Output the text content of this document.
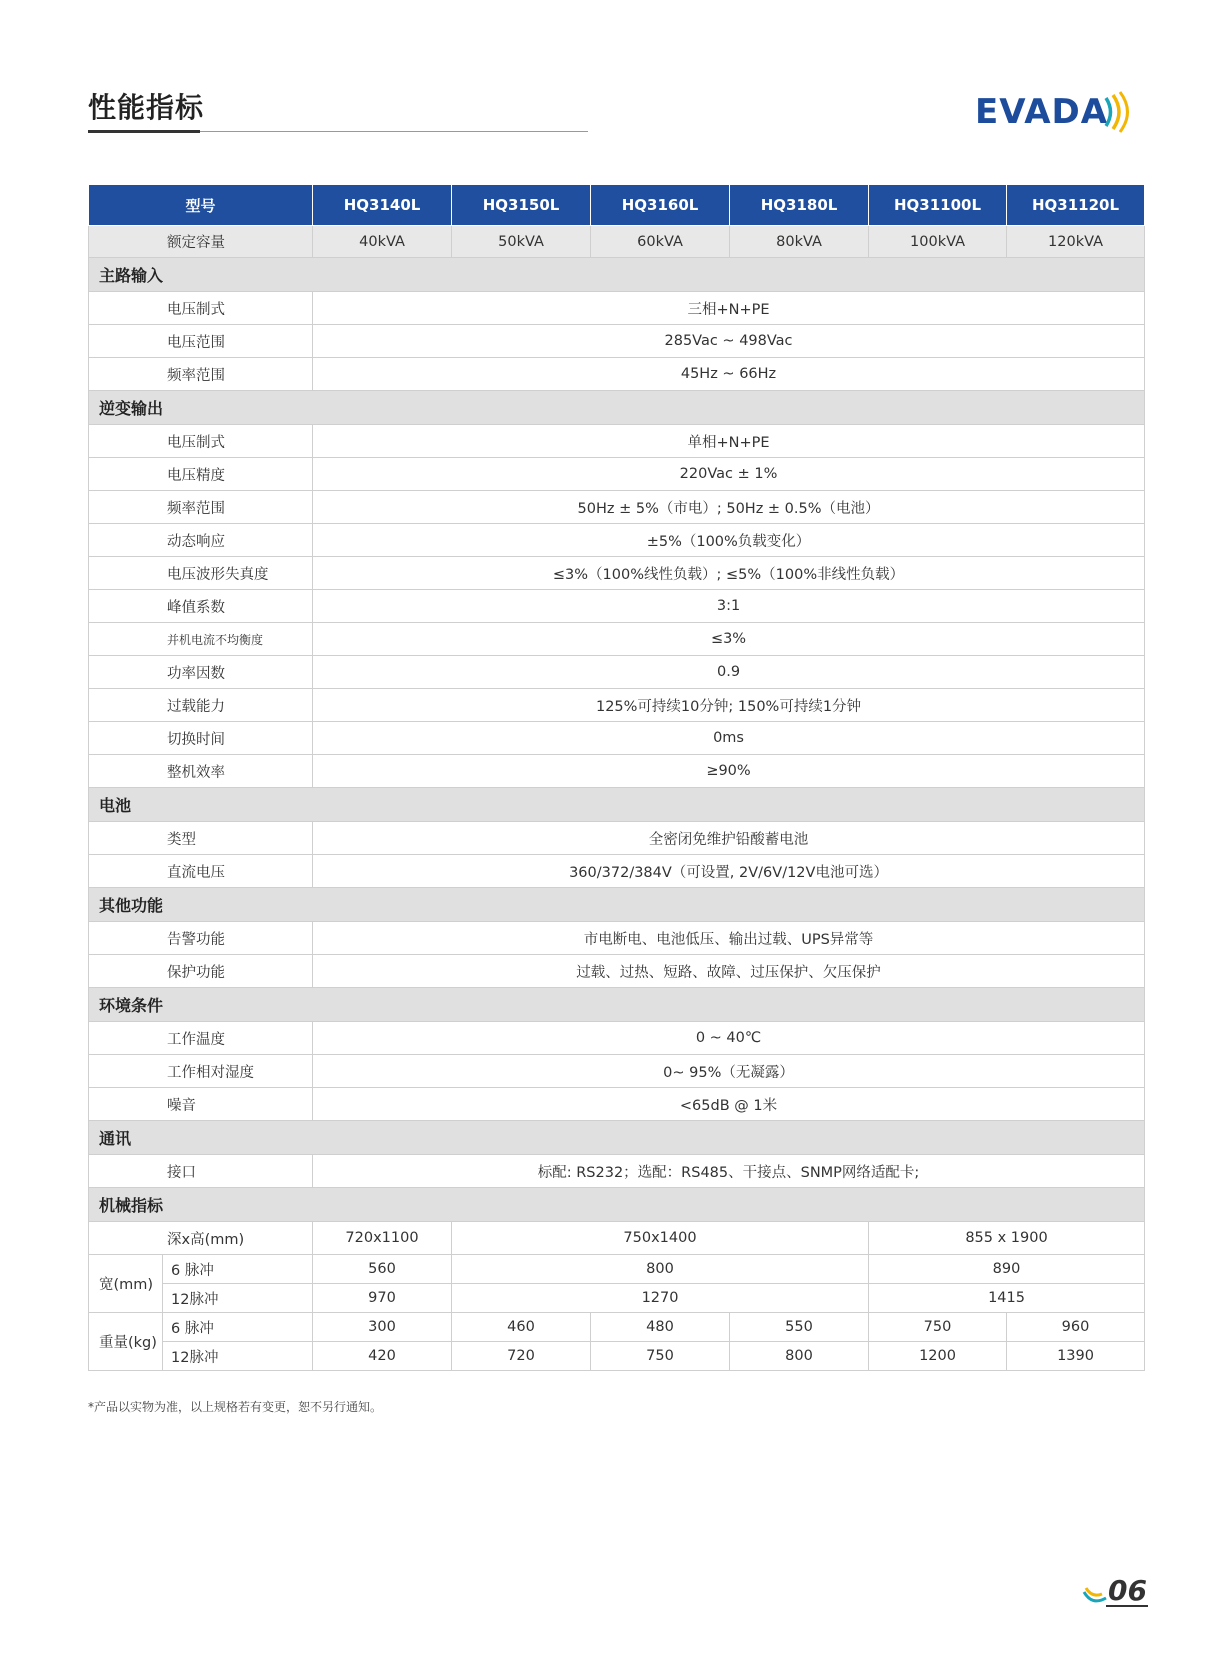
性能指标	EVADA
型号		HQ3140L	HQ3150L	HQ3160L	HQ3180L	HQ31100L	HQ31120L
额定容量		40kVA	50kVA	60kVA	80kVA	100kVA	120kVA
主路输入							
电压制式		三相+N+PE					
电压范围		285Vac ~ 498Vac					
频率范围		45Hz ~ 66Hz					
逆变输出							
电压制式		单相+N+PE					
电压精度		220Vac ± 1%					
频率范围		50Hz ± 5%（市电）; 50Hz ± 0.5%（电池）					
动态响应		±5%（100%负载变化）					
电压波形失真度		≤3%（100%线性负载）; ≤5%（100%非线性负载）					
峰值系数		3:1					
并机电流不均衡度		≤3%					
功率因数		0.9					
过载能力		125%可持续10分钟; 150%可持续1分钟					
切换时间		0ms					
整机效率		≥90%					
电池							
类型		全密闭免维护铅酸蓄电池					
直流电压		360/372/384V（可设置, 2V/6V/12V电池可选）					
其他功能							
告警功能		市电断电、电池低压、输出过载、UPS异常等					
保护功能		过载、过热、短路、故障、过压保护、欠压保护					
环境条件							
工作温度		0 ~ 40℃					
工作相对湿度		0~ 95%（无凝露）					
噪音		<65dB @ 1米					
通讯							
接口		标配: RS232；选配：RS485、干接点、SNMP网络适配卡;					
机械指标							
深x高(mm)		720x1100	750x1400			855 x 1900	
宽(mm)	6 脉冲	560	800			890	
	12脉冲	970	1270			1415	
重量(kg)	6 脉冲	300	460	480	550	750	960
	12脉冲	420	720	750	800	1200	1390
*产品以实物为准，以上规格若有变更，恕不另行通知。
06
